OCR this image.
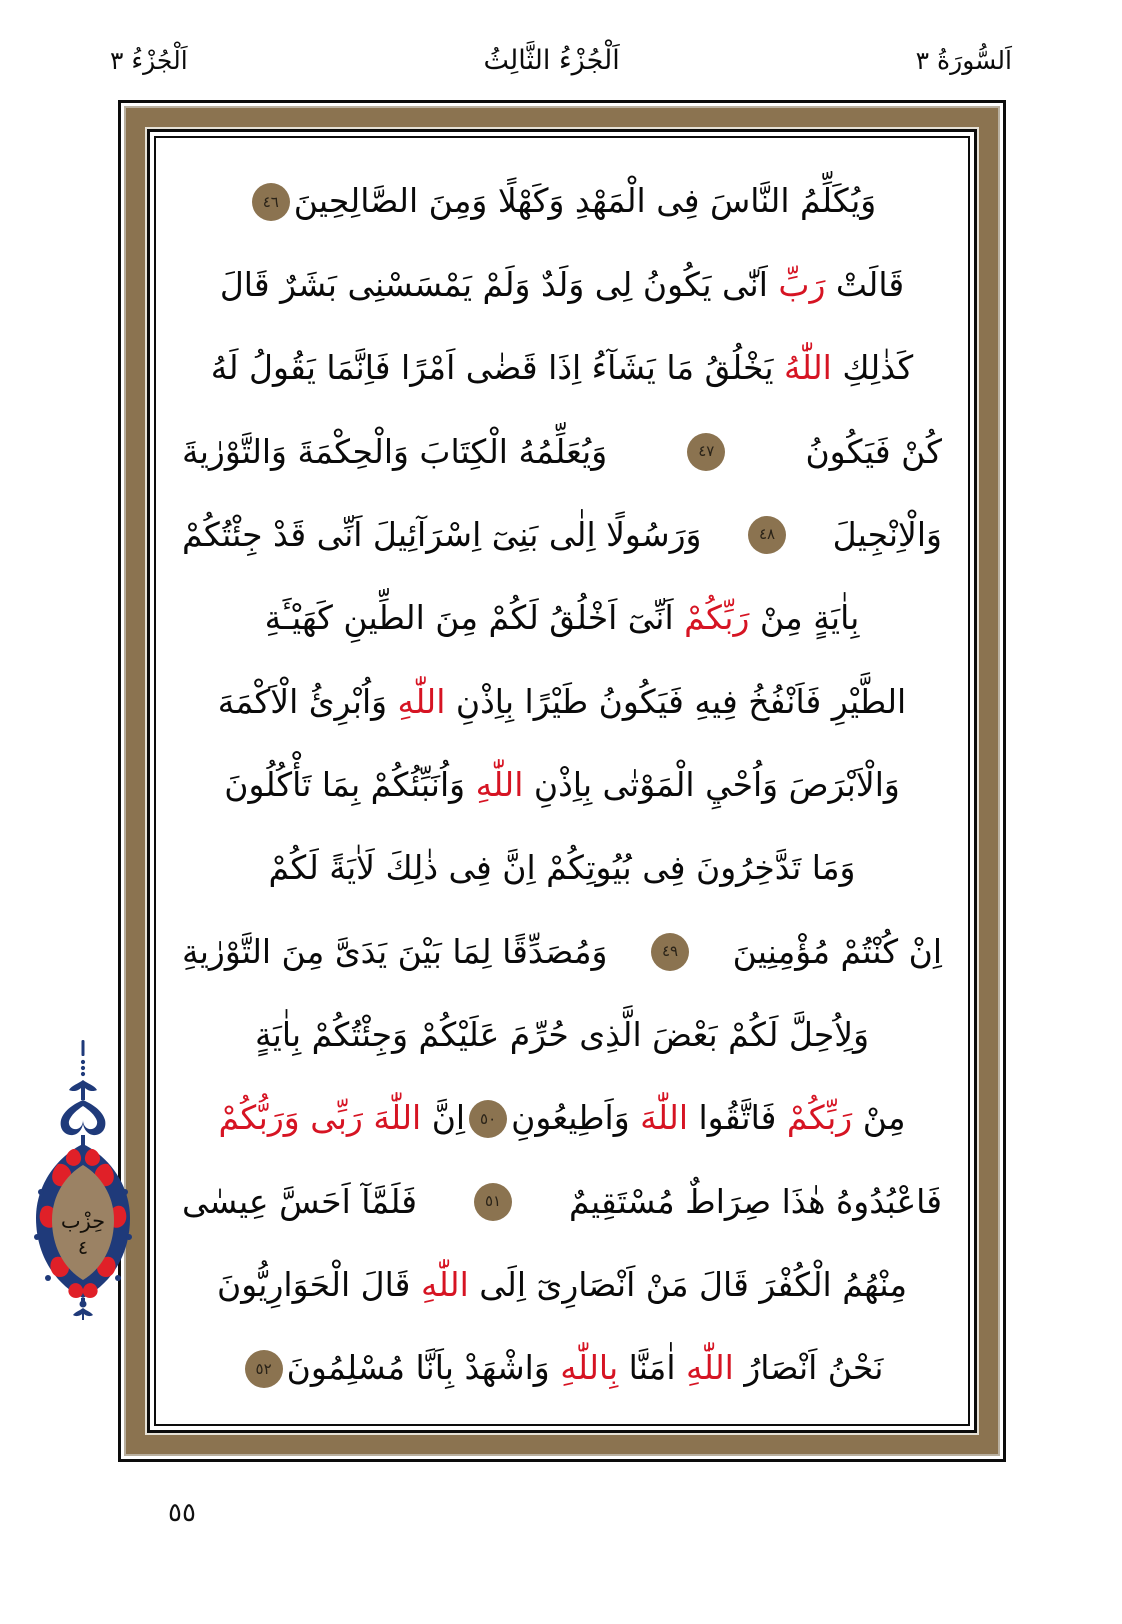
اَلسُّورَةُ ٣
اَلْجُزْءُ الثَّالِثُ
اَلْجُزْءُ ٣
وَيُكَلِّمُ النَّاسَ فِى الْمَهْدِ وَكَهْلًا وَمِنَ الصَّالِحِينَ
٤٦
قَالَتْ رَبِّ اَنّٰى يَكُونُ لِى وَلَدٌ وَلَمْ يَمْسَسْنِى بَشَرٌ قَالَ
كَذٰلِكِ اللّٰهُ يَخْلُقُ مَا يَشَآءُ اِذَا قَضٰى اَمْرًا فَاِنَّمَا يَقُولُ لَهُ
كُنْ فَيَكُونُ
٤٧
وَيُعَلِّمُهُ الْكِتَابَ وَالْحِكْمَةَ وَالتَّوْرٰيةَ
وَالْاِنْجِيلَ
٤٨
وَرَسُولًا اِلٰى بَنِىٓ اِسْرَآئِيلَ اَنِّى قَدْ جِئْتُكُمْ
بِاٰيَةٍ مِنْ رَبِّكُمْ اَنِّىٓ اَخْلُقُ لَكُمْ مِنَ الطِّينِ كَهَيْـَٔةِ
الطَّيْرِ فَاَنْفُخُ فِيهِ فَيَكُونُ طَيْرًا بِاِذْنِ اللّٰهِ وَاُبْرِئُ الْاَكْمَهَ
وَالْاَبْرَصَ وَاُحْيِ الْمَوْتٰى بِاِذْنِ اللّٰهِ وَاُنَبِّئُكُمْ بِمَا تَأْكُلُونَ
وَمَا تَدَّخِرُونَ فِى بُيُوتِكُمْ اِنَّ فِى ذٰلِكَ لَاٰيَةً لَكُمْ
اِنْ كُنْتُمْ مُؤْمِنِينَ
٤٩
وَمُصَدِّقًا لِمَا بَيْنَ يَدَىَّ مِنَ التَّوْرٰيةِ
وَلِاُحِلَّ لَكُمْ بَعْضَ الَّذِى حُرِّمَ عَلَيْكُمْ وَجِئْتُكُمْ بِاٰيَةٍ
مِنْ رَبِّكُمْ فَاتَّقُوا اللّٰهَ وَاَطِيعُونِ
٥٠
اِنَّ اللّٰهَ رَبِّى وَرَبُّكُمْ
فَاعْبُدُوهُ هٰذَا صِرَاطٌ مُسْتَقِيمٌ
٥١
فَلَمَّآ اَحَسَّ عِيسٰى
مِنْهُمُ الْكُفْرَ قَالَ مَنْ اَنْصَارِىٓ اِلَى اللّٰهِ قَالَ الْحَوَارِيُّونَ
نَحْنُ اَنْصَارُ اللّٰهِ اٰمَنَّا بِاللّٰهِ وَاشْهَدْ بِاَنَّا مُسْلِمُونَ
٥٢
حِزْب
٤
٥٥
